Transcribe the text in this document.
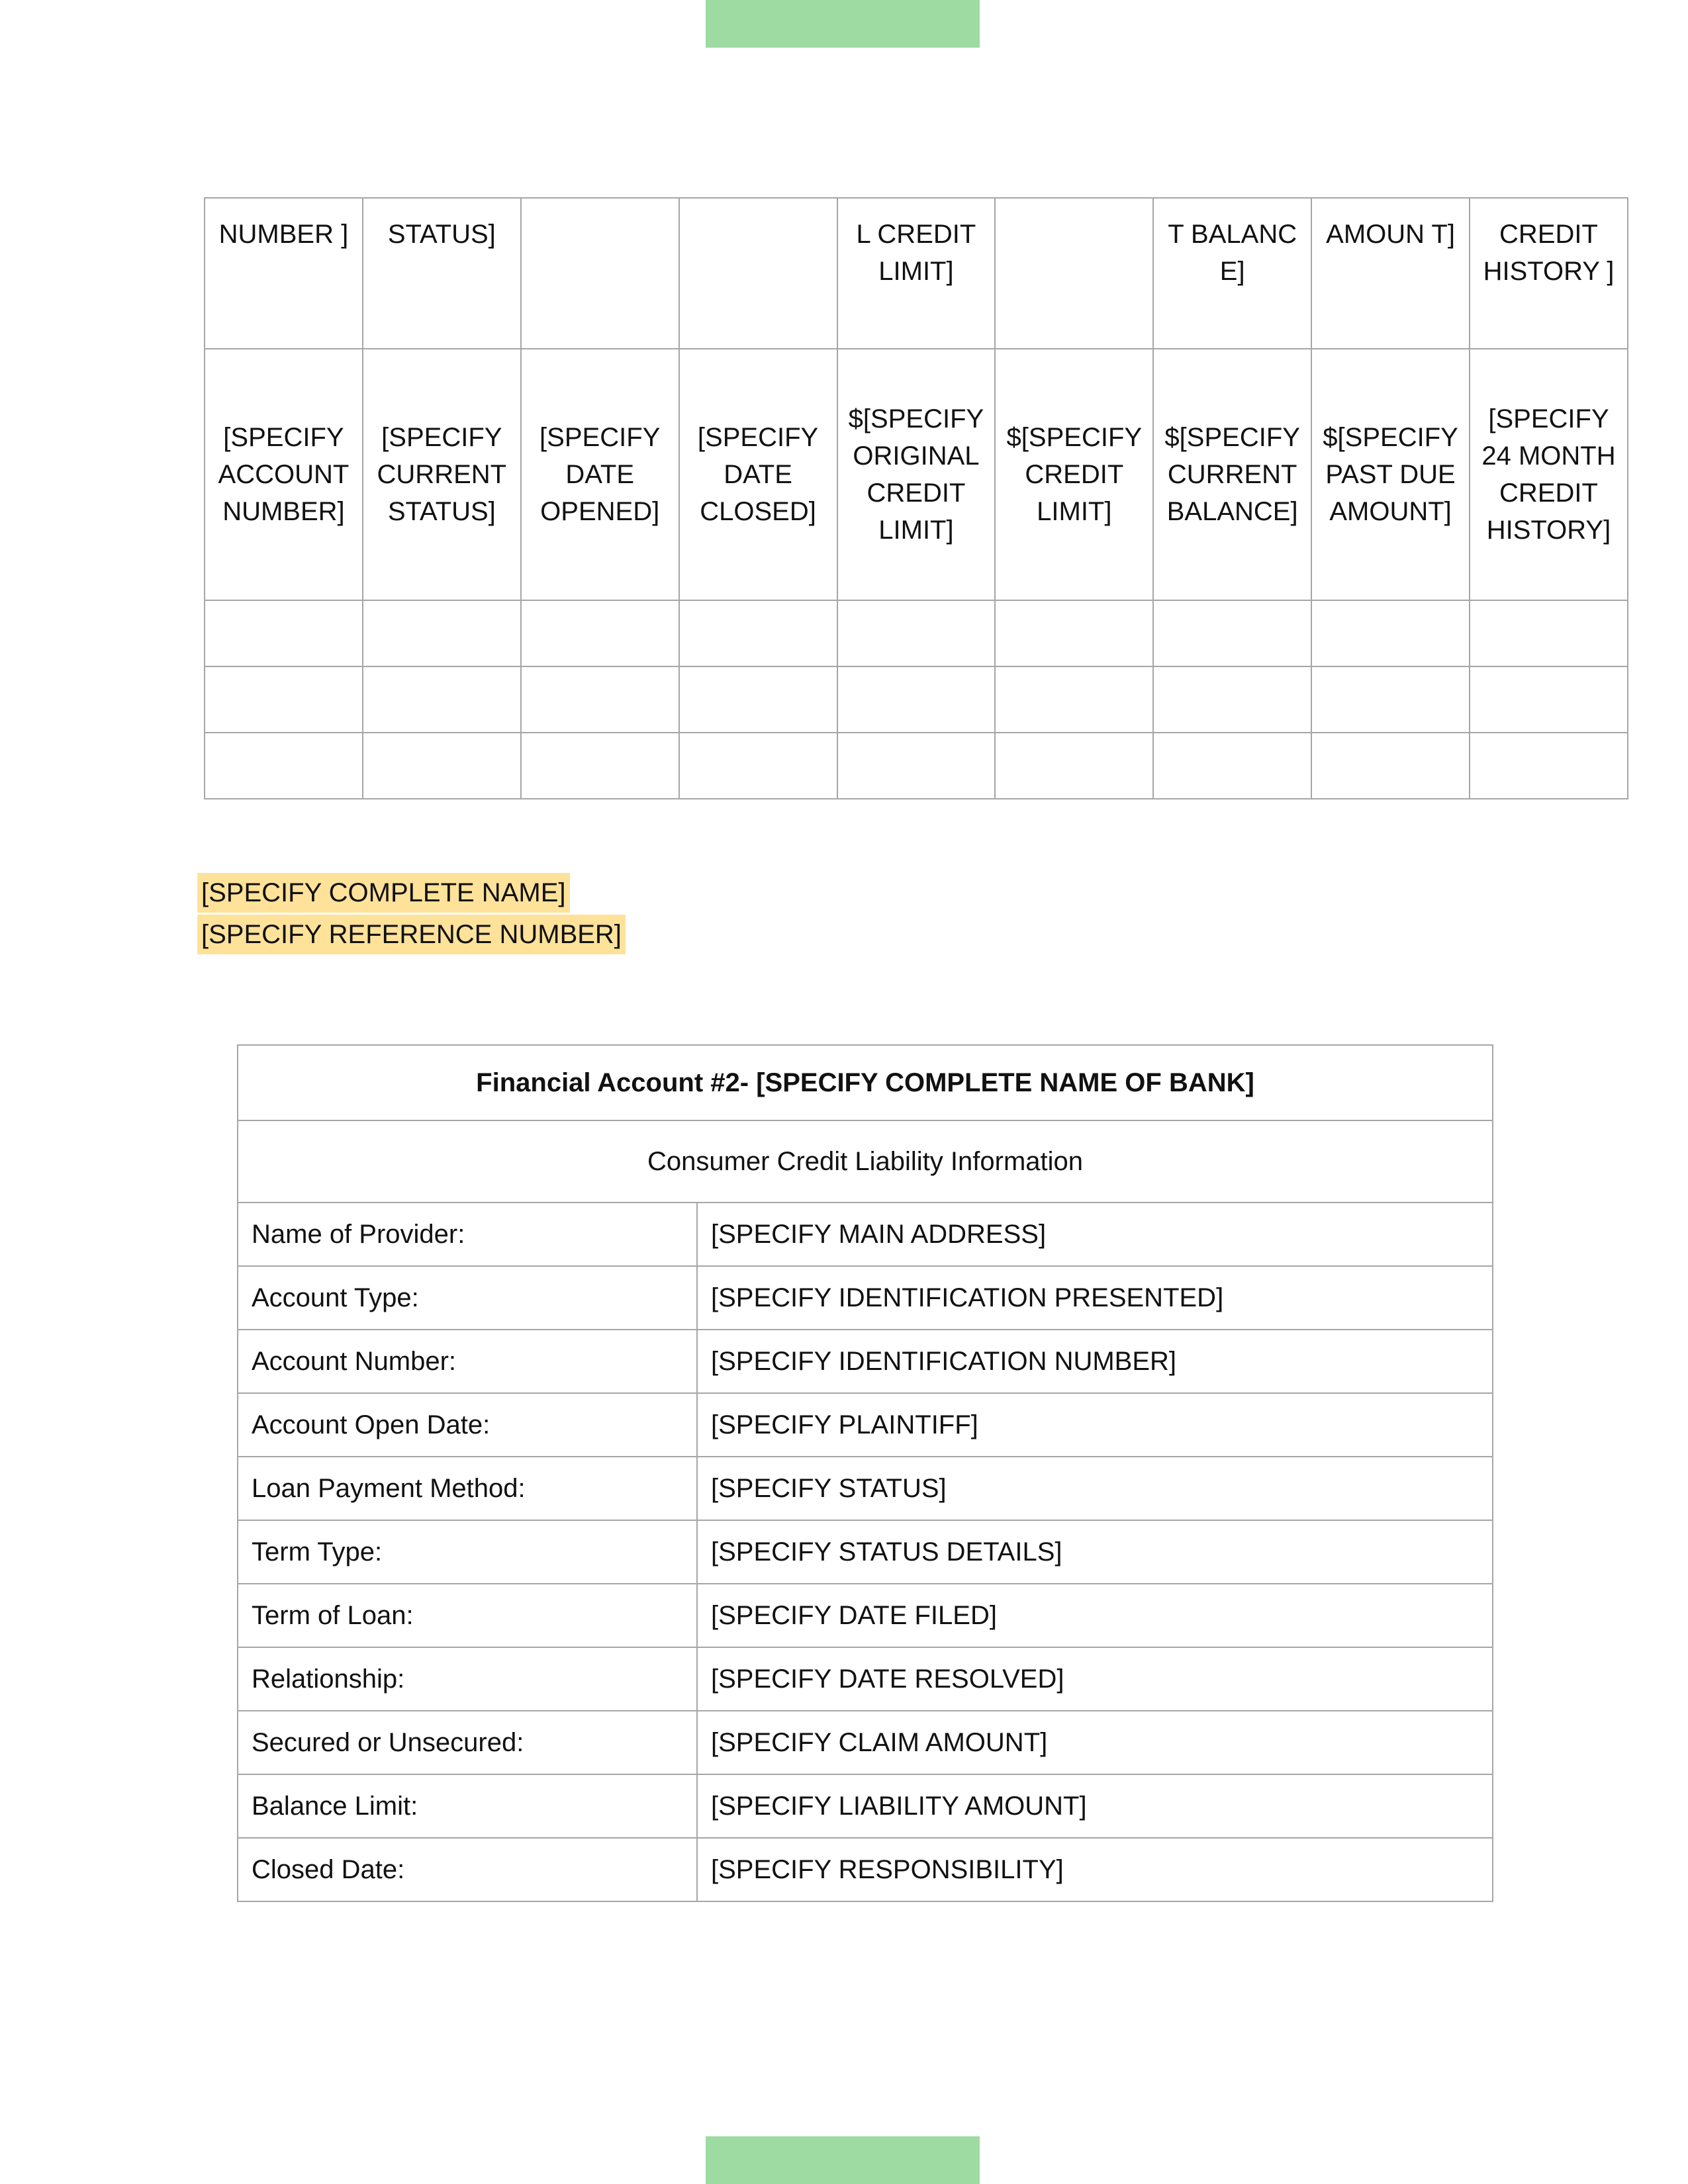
NUMBER ]	STATUS]			L CREDIT LIMIT]		T BALANC E]	AMOUN T]	CREDIT HISTORY ]
[SPECIFY ACCOUNT NUMBER]	[SPECIFY CURRENT STATUS]	[SPECIFY DATE OPENED]	[SPECIFY DATE CLOSED]	$[SPECIFY ORIGINAL CREDIT LIMIT]	$[SPECIFY CREDIT LIMIT]	$[SPECIFY CURRENT BALANCE]	$[SPECIFY PAST DUE AMOUNT]	[SPECIFY 24 MONTH CREDIT HISTORY]

[SPECIFY COMPLETE NAME]
[SPECIFY REFERENCE NUMBER]
Financial Account #2- [SPECIFY COMPLETE NAME OF BANK]	
Consumer Credit Liability Information	
Name of Provider:	[SPECIFY MAIN ADDRESS]
Account Type:	[SPECIFY IDENTIFICATION PRESENTED]
Account Number:	[SPECIFY IDENTIFICATION NUMBER]
Account Open Date:	[SPECIFY PLAINTIFF]
Loan Payment Method:	[SPECIFY STATUS]
Term Type:	[SPECIFY STATUS DETAILS]
Term of Loan:	[SPECIFY DATE FILED]
Relationship:	[SPECIFY DATE RESOLVED]
Secured or Unsecured:	[SPECIFY CLAIM AMOUNT]
Balance Limit:	[SPECIFY LIABILITY AMOUNT]
Closed Date:	[SPECIFY RESPONSIBILITY]
